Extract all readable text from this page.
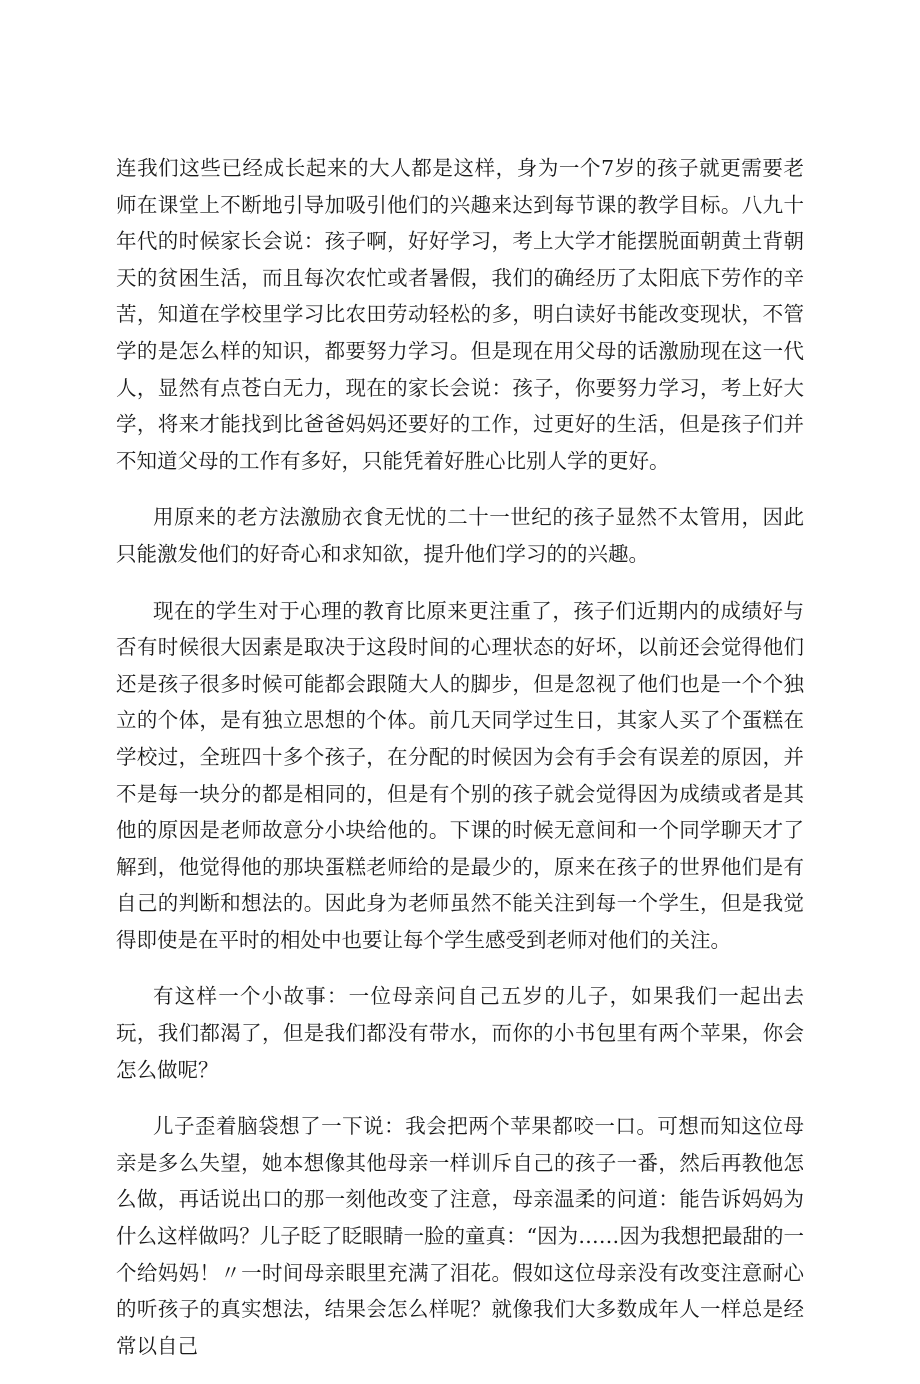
连我们这些已经成长起来的大人都是这样，身为一个7岁的孩子就更需要老师在课堂上不断地引导加吸引他们的兴趣来达到每节课的教学目标。八九十年代的时候家长会说：孩子啊，好好学习，考上大学才能摆脱面朝黄土背朝天的贫困生活，而且每次农忙或者暑假，我们的确经历了太阳底下劳作的辛苦，知道在学校里学习比农田劳动轻松的多，明白读好书能改变现状，不管学的是怎么样的知识，都要努力学习。但是现在用父母的话激励现在这一代人，显然有点苍白无力，现在的家长会说：孩子，你要努力学习，考上好大学，将来才能找到比爸爸妈妈还要好的工作，过更好的生活，但是孩子们并不知道父母的工作有多好，只能凭着好胜心比别人学的更好。

用原来的老方法激励衣食无忧的二十一世纪的孩子显然不太管用，因此只能激发他们的好奇心和求知欲，提升他们学习的的兴趣。

现在的学生对于心理的教育比原来更注重了，孩子们近期内的成绩好与否有时候很大因素是取决于这段时间的心理状态的好坏，以前还会觉得他们还是孩子很多时候可能都会跟随大人的脚步，但是忽视了他们也是一个个独立的个体，是有独立思想的个体。前几天同学过生日，其家人买了个蛋糕在学校过，全班四十多个孩子，在分配的时候因为会有手会有误差的原因，并不是每一块分的都是相同的，但是有个别的孩子就会觉得因为成绩或者是其他的原因是老师故意分小块给他的。下课的时候无意间和一个同学聊天才了解到，他觉得他的那块蛋糕老师给的是最少的，原来在孩子的世界他们是有自己的判断和想法的。因此身为老师虽然不能关注到每一个学生，但是我觉得即使是在平时的相处中也要让每个学生感受到老师对他们的关注。

有这样一个小故事：一位母亲问自己五岁的儿子，如果我们一起出去玩，我们都渴了，但是我们都没有带水，而你的小书包里有两个苹果，你会怎么做呢？

儿子歪着脑袋想了一下说：我会把两个苹果都咬一口。可想而知这位母亲是多么失望，她本想像其他母亲一样训斥自己的孩子一番，然后再教他怎么做，再话说出口的那一刻他改变了注意，母亲温柔的问道：能告诉妈妈为什么这样做吗？儿子眨了眨眼睛一脸的童真：“因为……因为我想把最甜的一个给妈妈！〃一时间母亲眼里充满了泪花。假如这位母亲没有改变注意耐心的听孩子的真实想法，结果会怎么样呢？就像我们大多数成年人一样总是经常以自己
